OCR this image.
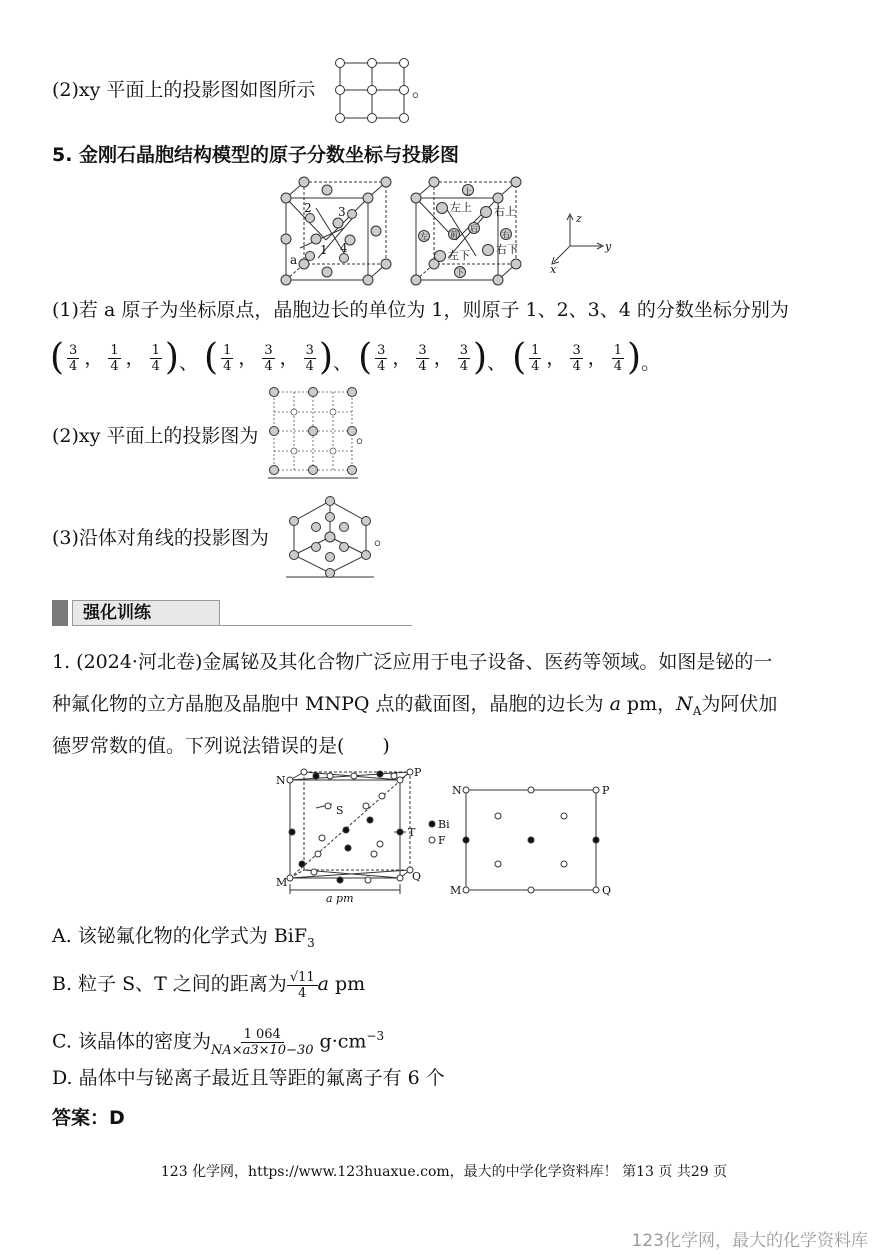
(2)xy 平面上的投影图如图所示	。
5. 金刚石晶胞结构模型的原子分数坐标与投影图
2 3
1 4
a
上
左上 右上
前
后
左	右
左下 右下
下
z
y
x
(1)若 a 原子为坐标原点，晶胞边长的单位为 1，则原子 1、2、3、4 的分数坐标分别为
( $\frac{3}{4}$ ， $\frac{1}{4}$ ， $\frac{1}{4}$ ) 、 ( $\frac{1}{4}$ ， $\frac{3}{4}$ ， $\frac{3}{4}$ ) 、 ( $\frac{3}{4}$ ， $\frac{3}{4}$ ， $\frac{3}{4}$ ) 、 ( $\frac{1}{4}$ ， $\frac{3}{4}$ ， $\frac{1}{4}$ ) 。
(2)xy 平面上的投影图为	。
(3)沿体对角线的投影图为	。
强化训练
1. (2024·河北卷)金属铋及其化合物广泛应用于电子设备、医药等领域。如图是铋的一
种氟化物的立方晶胞及晶胞中 MNPQ 点的截面图，晶胞的边长为 a pm，$N_A$为阿伏加
德罗常数的值。下列说法错误的是(　　)
N
P
M	Q
S
T
Bi
F
a pm
N	P
M	Q
A. 该铋氟化物的化学式为 BiF$_3$
B. 粒子 S、T 之间的距离为 $\frac{√11}{4}$ a pm
C. 该晶体的密度为 $\frac{1 064}{NA\times a3\times 10-30} g\cdot cm^{-3}$
D. 晶体中与铋离子最近且等距的氟离子有 6 个
答案：D
123 化学网，https://www.123huaxue.com，最大的中学化学资料库！ 第13 页 共29 页
123化学网，最大的化学资料库
